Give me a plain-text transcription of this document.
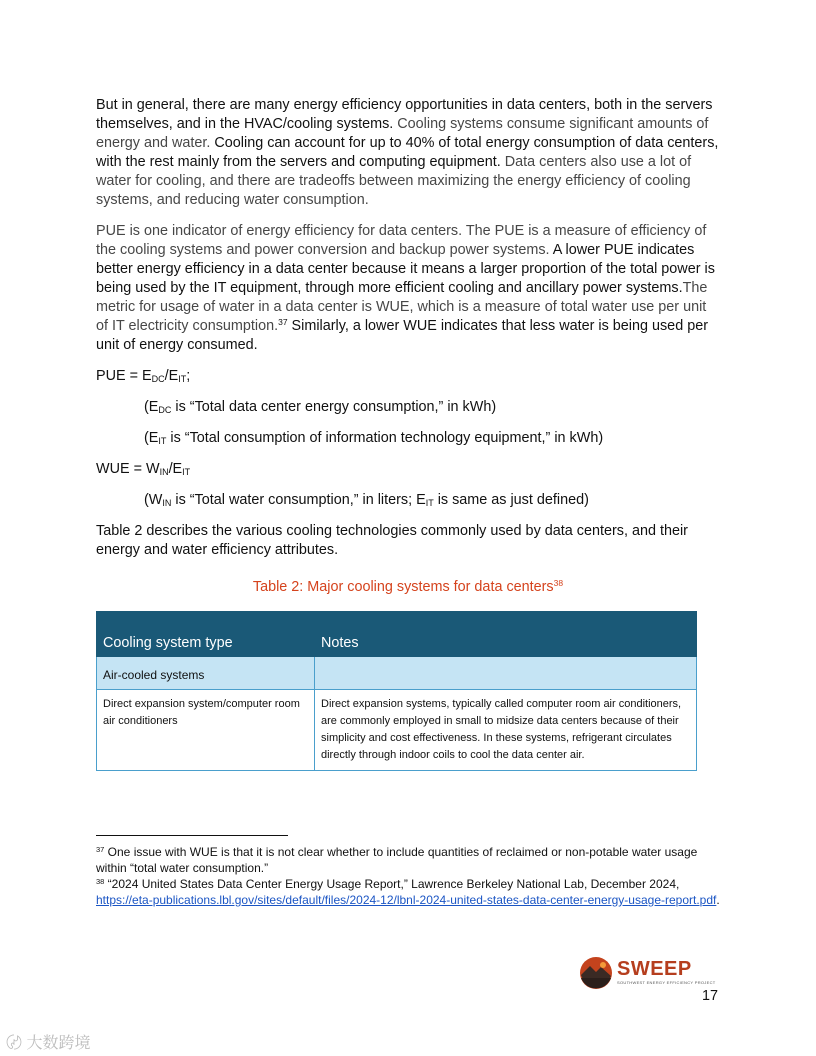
But in general, there are many energy efficiency opportunities in data centers, both in the servers themselves, and in the HVAC/cooling systems. Cooling systems consume significant amounts of energy and water. Cooling can account for up to 40% of total energy consumption of data centers, with the rest mainly from the servers and computing equipment. Data centers also use a lot of water for cooling, and there are tradeoffs between maximizing the energy efficiency of cooling systems, and reducing water consumption.

PUE is one indicator of energy efficiency for data centers. The PUE is a measure of efficiency of the cooling systems and power conversion and backup power systems. A lower PUE indicates better energy efficiency in a data center because it means a larger proportion of the total power is being used by the IT equipment, through more efficient cooling and ancillary power systems.The metric for usage of water in a data center is WUE, which is a measure of total water use per unit of IT electricity consumption.$^{37}$ Similarly, a lower WUE indicates that less water is being used per unit of energy consumed.

PUE = $E_{DC}/E_{IT}$;

($E_{DC}$ is “Total data center energy consumption,” in kWh)

($E_{IT}$ is “Total consumption of information technology equipment,” in kWh)

WUE = $W_{IN}/E_{IT}$

($W_{IN}$ is “Total water consumption,” in liters; $E_{IT}$ is same as just defined)

Table 2 describes the various cooling technologies commonly used by data centers, and their energy and water efficiency attributes.

Table 2: Major cooling systems for data centers$^{38}$

Cooling system type	Notes
Air-cooled systems	
Direct expansion system/computer room air conditioners	Direct expansion systems, typically called computer room air conditioners, are commonly employed in small to midsize data centers because of their simplicity and cost effectiveness. In these systems, refrigerant circulates directly through indoor coils to cool the data center air.

$^{37}$ One issue with WUE is that it is not clear whether to include quantities of reclaimed or non-potable water usage within “total water consumption.”

$^{38}$ “2024 United States Data Center Energy Usage Report,” Lawrence Berkeley National Lab, December 2024,
https://eta-publications.lbl.gov/sites/default/files/2024-12/lbnl-2024-united-states-data-center-energy-usage-report.pdf.

SWEEP
SOUTHWEST ENERGY EFFICIENCY PROJECT
17
〄 大数跨境
